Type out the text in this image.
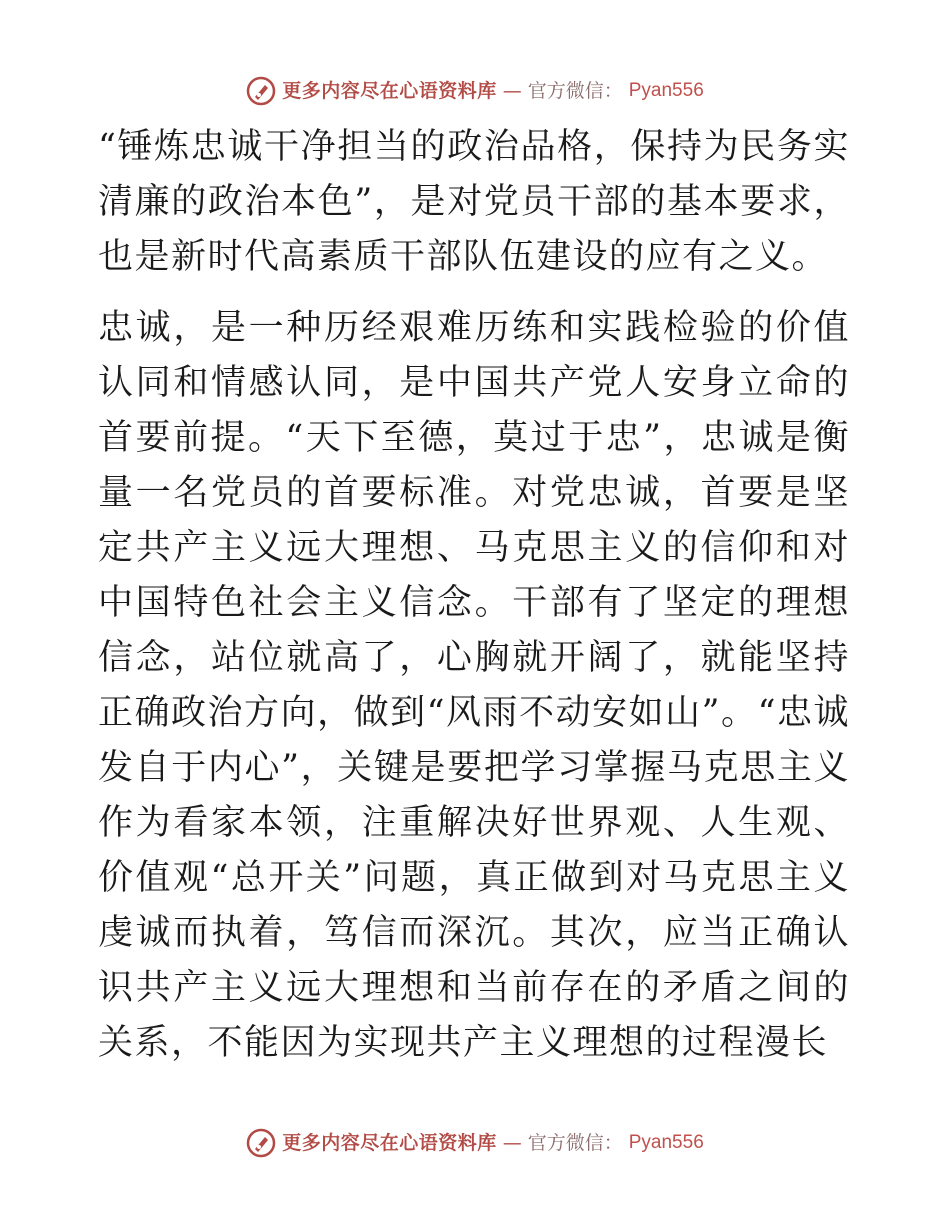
更多内容尽在心语资料库 — 官方微信： Pyan556

“锤炼忠诚干净担当的政治品格，保持为民务实清廉的政治本色”，是对党员干部的基本要求，也是新时代高素质干部队伍建设的应有之义。

忠诚，是一种历经艰难历练和实践检验的价值认同和情感认同，是中国共产党人安身立命的首要前提。“天下至德，莫过于忠”，忠诚是衡量一名党员的首要标准。对党忠诚，首要是坚定共产主义远大理想、马克思主义的信仰和对中国特色社会主义信念。干部有了坚定的理想信念，站位就高了，心胸就开阔了，就能坚持正确政治方向，做到“风雨不动安如山”。“忠诚发自于内心”，关键是要把学习掌握马克思主义作为看家本领，注重解决好世界观、人生观、价值观“总开关”问题，真正做到对马克思主义虔诚而执着，笃信而深沉。其次，应当正确认识共产主义远大理想和当前存在的矛盾之间的关系，不能因为实现共产主义理想的过程漫长

更多内容尽在心语资料库 — 官方微信： Pyan556
